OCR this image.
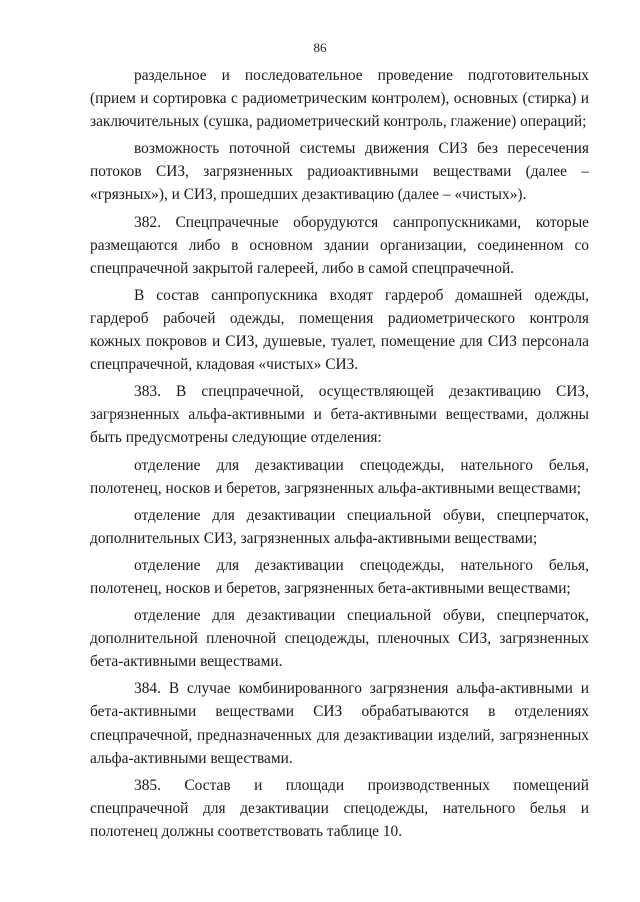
86

раздельное и последовательное проведение подготовительных (прием и сортировка с радиометрическим контролем), основных (стирка) и заключительных (сушка, радиометрический контроль, глажение) операций;

возможность поточной системы движения СИЗ без пересечения потоков СИЗ, загрязненных радиоактивными веществами (далее – «грязных»), и СИЗ, прошедших дезактивацию (далее – «чистых»).

382. Спецпрачечные оборудуются санпропускниками, которые размещаются либо в основном здании организации, соединенном со спецпрачечной закрытой галереей, либо в самой спецпрачечной.

В состав санпропускника входят гардероб домашней одежды, гардероб рабочей одежды, помещения радиометрического контроля кожных покровов и СИЗ, душевые, туалет, помещение для СИЗ персонала спецпрачечной, кладовая «чистых» СИЗ.

383. В спецпрачечной, осуществляющей дезактивацию СИЗ, загрязненных альфа-активными и бета-активными веществами, должны быть предусмотрены следующие отделения:

отделение для дезактивации спецодежды, нательного белья, полотенец, носков и беретов, загрязненных альфа-активными веществами;

отделение для дезактивации специальной обуви, спецперчаток, дополнительных СИЗ, загрязненных альфа-активными веществами;

отделение для дезактивации спецодежды, нательного белья, полотенец, носков и беретов, загрязненных бета-активными веществами;

отделение для дезактивации специальной обуви, спецперчаток, дополнительной пленочной спецодежды, пленочных СИЗ, загрязненных бета-активными веществами.

384. В случае комбинированного загрязнения альфа-активными и бета-активными веществами СИЗ обрабатываются в отделениях спецпрачечной, предназначенных для дезактивации изделий, загрязненных альфа-активными веществами.

385. Состав и площади производственных помещений спецпрачечной для дезактивации спецодежды, нательного белья и полотенец должны соответствовать таблице 10.
